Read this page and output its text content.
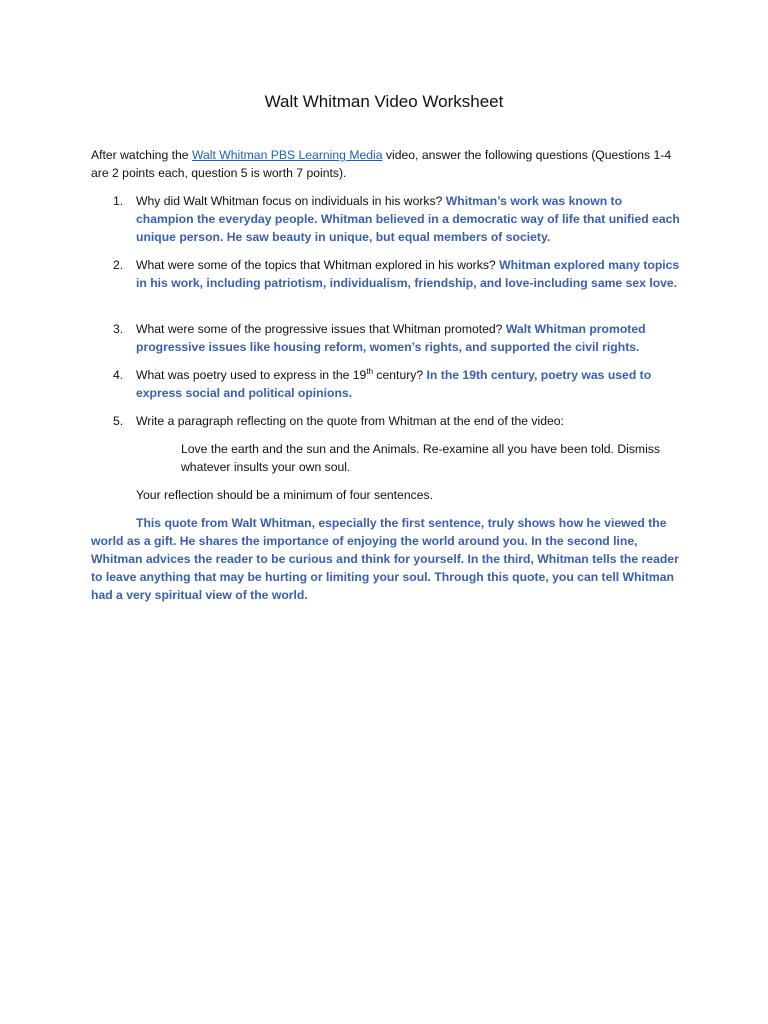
Walt Whitman Video Worksheet
After watching the Walt Whitman PBS Learning Media video, answer the following questions (Questions 1-4 are 2 points each, question 5 is worth 7 points).
1.	Why did Walt Whitman focus on individuals in his works? Whitman’s work was known to champion the everyday people. Whitman believed in a democratic way of life that unified each unique person. He saw beauty in unique, but equal members of society.
2.	What were some of the topics that Whitman explored in his works? Whitman explored many topics in his work, including patriotism, individualism, friendship, and love-including same sex love.
3.	What were some of the progressive issues that Whitman promoted? Walt Whitman promoted progressive issues like housing reform, women’s rights, and supported the civil rights.
4.	What was poetry used to express in the 19th century? In the 19th century, poetry was used to express social and political opinions.
5.	Write a paragraph reflecting on the quote from Whitman at the end of the video:
Love the earth and the sun and the Animals. Re-examine all you have been told. Dismiss whatever insults your own soul.
Your reflection should be a minimum of four sentences.
This quote from Walt Whitman, especially the first sentence, truly shows how he viewed the world as a gift. He shares the importance of enjoying the world around you. In the second line, Whitman advices the reader to be curious and think for yourself. In the third, Whitman tells the reader to leave anything that may be hurting or limiting your soul. Through this quote, you can tell Whitman had a very spiritual view of the world.
